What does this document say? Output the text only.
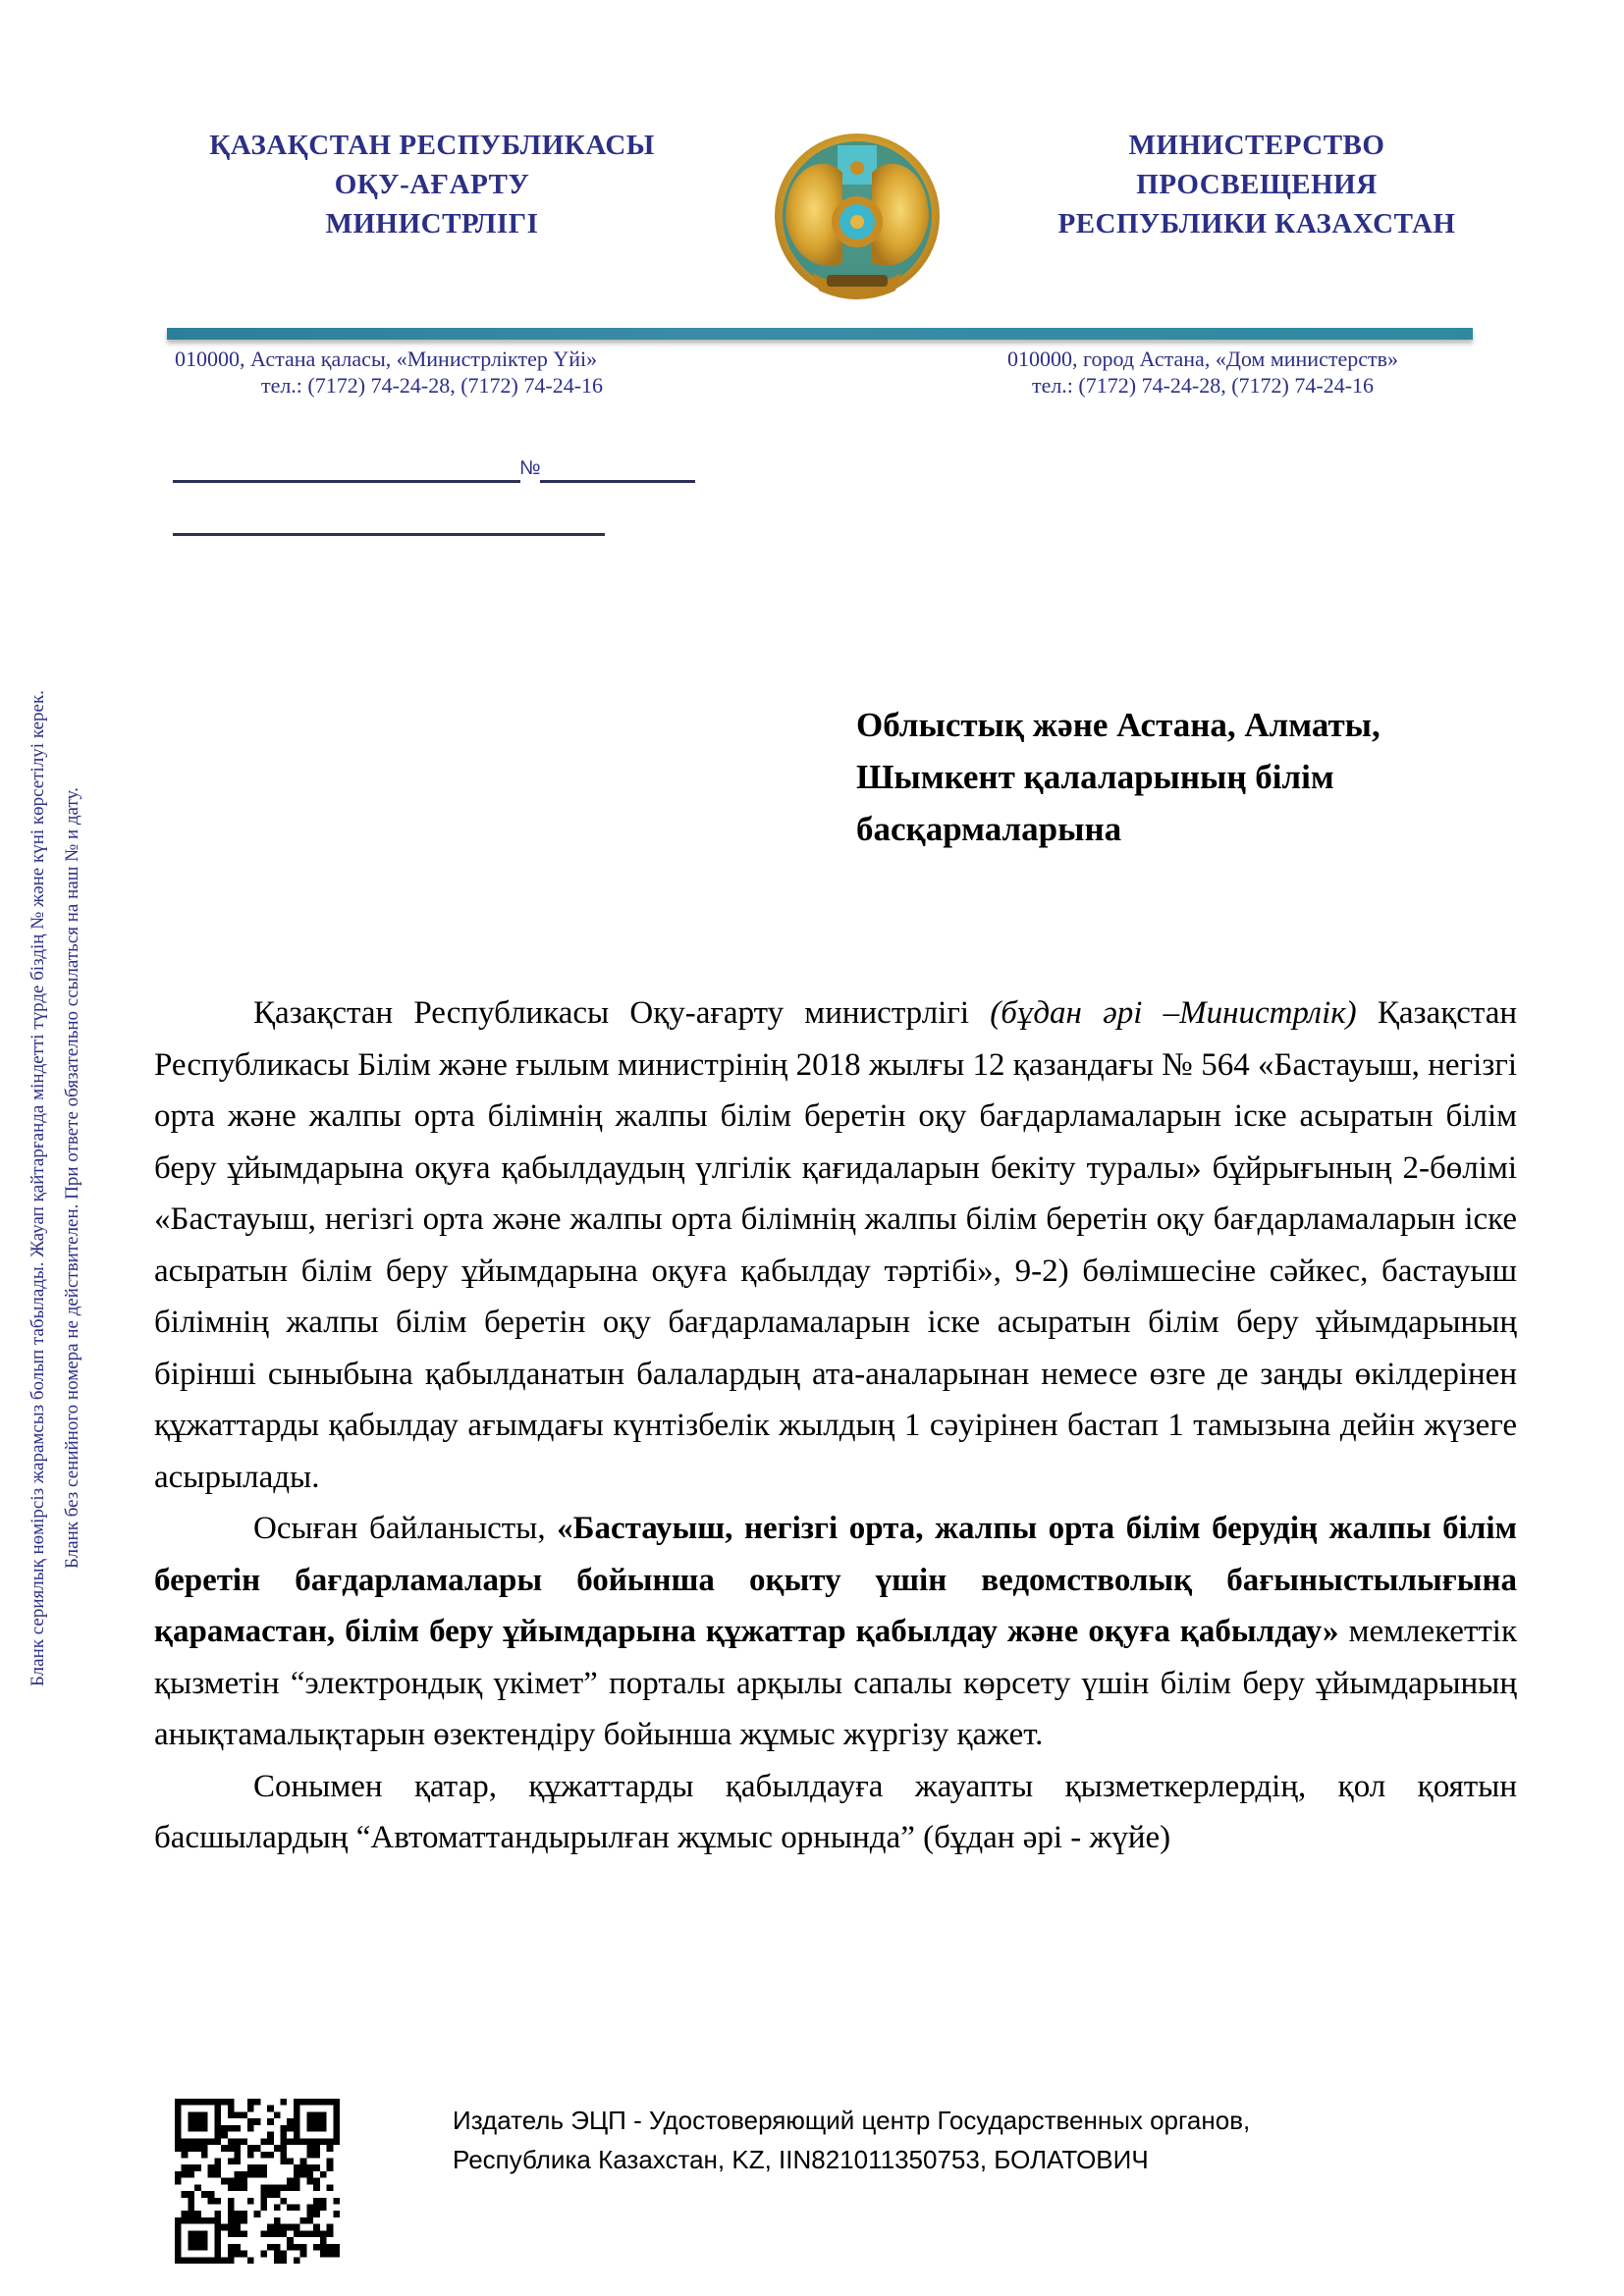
ҚАЗАҚСТАН РЕСПУБЛИКАСЫ
ОҚУ-АҒАРТУ
МИНИСТРЛІГІ
МИНИСТЕРСТВО
ПРОСВЕЩЕНИЯ
РЕСПУБЛИКИ КАЗАХСТАН
010000, Астана қаласы, «Министрліктер Үйі»
тел.: (7172) 74-24-28, (7172) 74-24-16
010000, город Астана, «Дом министерств»
тел.: (7172) 74-24-28, (7172) 74-24-16
№
Бланк сериялық нөмірсіз жарамсыз болып табылады. Жауап қайтарғанда міндетті түрде біздің № және күні көрсетілуі керек. Бланк без сенийного номера не действителен. При ответе обязательно ссылаться на наш № и дату.
Облыстық және Астана, Алматы,
Шымкент қалаларының білім
басқармаларына

Қазақстан Республикасы Оқу-ағарту министрлігі (бұдан әрі –Министрлік) Қазақстан Республикасы Білім және ғылым министрінің 2018 жылғы 12 қазандағы № 564 «Бастауыш, негізгі орта және жалпы орта білімнің жалпы білім беретін оқу бағдарламаларын іске асыратын білім беру ұйымдарына оқуға қабылдаудың үлгілік қағидаларын бекіту туралы» бұйрығының 2-бөлімі «Бастауыш, негізгі орта және жалпы орта білімнің жалпы білім беретін оқу бағдарламаларын іске асыратын білім беру ұйымдарына оқуға қабылдау тәртібі», 9-2) бөлімшесіне сәйкес, бастауыш білімнің жалпы білім беретін оқу бағдарламаларын іске асыратын білім беру ұйымдарының бірінші сыныбына қабылданатын балалардың ата-аналарынан немесе өзге де заңды өкілдерінен құжаттарды қабылдау ағымдағы күнтізбелік жылдың 1 сәуірінен бастап 1 тамызына дейін жүзеге асырылады.

Осыған байланысты, «Бастауыш, негізгі орта, жалпы орта білім берудің жалпы білім беретін бағдарламалары бойынша оқыту үшін ведомстволық бағыныстылығына қарамастан, білім беру ұйымдарына құжаттар қабылдау және оқуға қабылдау» мемлекеттік қызметін “электрондық үкімет” порталы арқылы сапалы көрсету үшін білім беру ұйымдарының анықтамалықтарын өзектендіру бойынша жұмыс жүргізу қажет.

Сонымен қатар, құжаттарды қабылдауға жауапты қызметкерлердің, қол қоятын басшылардың “Автоматтандырылған жұмыс орнында” (бұдан әрі - жүйе)

Издатель ЭЦП - Удостоверяющий центр Государственных органов,
Республика Казахстан, KZ, IIN821011350753, БОЛАТОВИЧ
